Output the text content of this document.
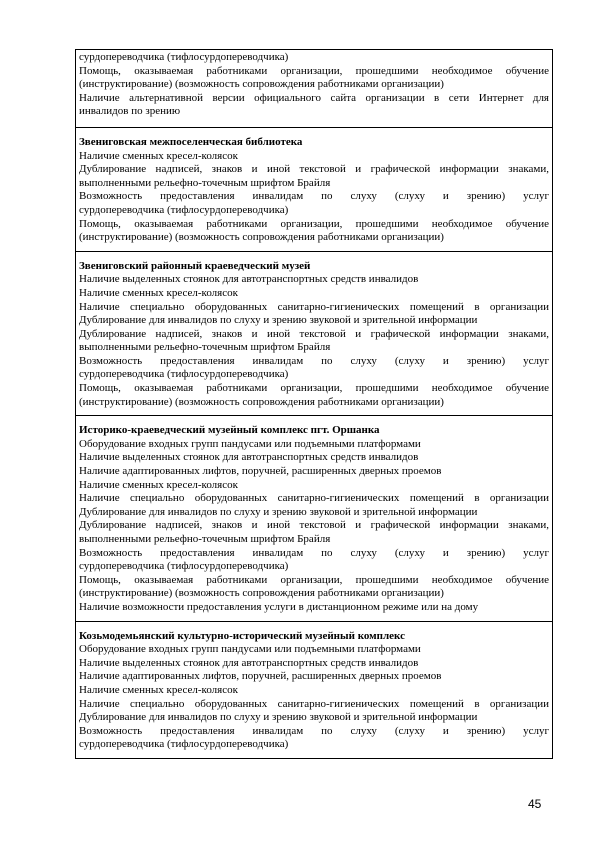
сурдопереводчика (тифлосурдопереводчика)
Помощь, оказываемая работниками организации, прошедшими необходимое обучение
(инструктирование) (возможность сопровождения работниками организации)
Наличие альтернативной версии официального сайта организации в сети Интернет для
инвалидов по зрению
Звениговская межпоселенческая библиотека
Наличие сменных кресел-колясок
Дублирование надписей, знаков и иной текстовой и графической информации знаками,
выполненными рельефно-точечным шрифтом Брайля
Возможность предоставления инвалидам по слуху (слуху и зрению) услуг
сурдопереводчика (тифлосурдопереводчика)
Помощь, оказываемая работниками организации, прошедшими необходимое обучение
(инструктирование) (возможность сопровождения работниками организации)
Звениговский районный краеведческий музей
Наличие выделенных стоянок для автотранспортных средств инвалидов
Наличие сменных кресел-колясок
Наличие специально оборудованных санитарно-гигиенических помещений в организации
Дублирование для инвалидов по слуху и зрению звуковой и зрительной информации
Дублирование надписей, знаков и иной текстовой и графической информации знаками,
выполненными рельефно-точечным шрифтом Брайля
Возможность предоставления инвалидам по слуху (слуху и зрению) услуг
сурдопереводчика (тифлосурдопереводчика)
Помощь, оказываемая работниками организации, прошедшими необходимое обучение
(инструктирование) (возможность сопровождения работниками организации)
Историко-краеведческий музейный комплекс пгт. Оршанка
Оборудование входных групп пандусами или подъемными платформами
Наличие выделенных стоянок для автотранспортных средств инвалидов
Наличие адаптированных лифтов, поручней, расширенных дверных проемов
Наличие сменных кресел-колясок
Наличие специально оборудованных санитарно-гигиенических помещений в организации
Дублирование для инвалидов по слуху и зрению звуковой и зрительной информации
Дублирование надписей, знаков и иной текстовой и графической информации знаками,
выполненными рельефно-точечным шрифтом Брайля
Возможность предоставления инвалидам по слуху (слуху и зрению) услуг
сурдопереводчика (тифлосурдопереводчика)
Помощь, оказываемая работниками организации, прошедшими необходимое обучение
(инструктирование) (возможность сопровождения работниками организации)
Наличие возможности предоставления услуги в дистанционном режиме или на дому
Козьмодемьянский культурно-исторический музейный комплекс
Оборудование входных групп пандусами или подъемными платформами
Наличие выделенных стоянок для автотранспортных средств инвалидов
Наличие адаптированных лифтов, поручней, расширенных дверных проемов
Наличие сменных кресел-колясок
Наличие специально оборудованных санитарно-гигиенических помещений в организации
Дублирование для инвалидов по слуху и зрению звуковой и зрительной информации
Возможность предоставления инвалидам по слуху (слуху и зрению) услуг
сурдопереводчика (тифлосурдопереводчика)
45
